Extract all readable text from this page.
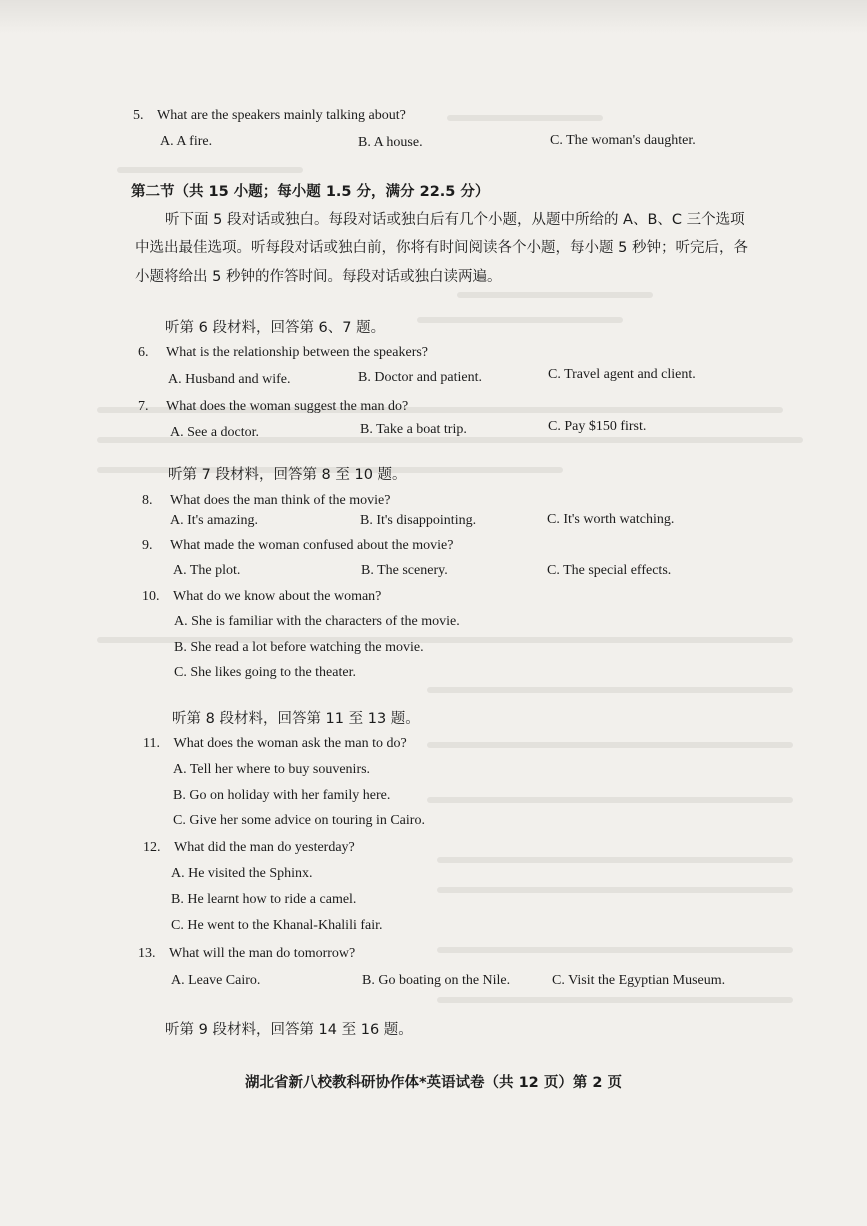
5. What are the speakers mainly talking about?
A. A fire.	B. A house.	C. The woman's daughter.
第二节（共 15 小题；每小题 1.5 分，满分 22.5 分）
听下面 5 段对话或独白。每段对话或独白后有几个小题，从题中所给的 A、B、C 三个选项
中选出最佳选项。听每段对话或独白前，你将有时间阅读各个小题，每小题 5 秒钟；听完后，各
小题将给出 5 秒钟的作答时间。每段对话或独白读两遍。
听第 6 段材料，回答第 6、7 题。
6. What is the relationship between the speakers?
A. Husband and wife.	B. Doctor and patient.	C. Travel agent and client.
7. What does the woman suggest the man do?
A. See a doctor.	B. Take a boat trip.	C. Pay $150 first.
听第 7 段材料，回答第 8 至 10 题。
8. What does the man think of the movie?
A. It's amazing.	B. It's disappointing.	C. It's worth watching.
9. What made the woman confused about the movie?
A. The plot.	B. The scenery.	C. The special effects.
10. What do we know about the woman?
A. She is familiar with the characters of the movie.
B. She read a lot before watching the movie.
C. She likes going to the theater.
听第 8 段材料，回答第 11 至 13 题。
11. What does the woman ask the man to do?
A. Tell her where to buy souvenirs.
B. Go on holiday with her family here.
C. Give her some advice on touring in Cairo.
12. What did the man do yesterday?
A. He visited the Sphinx.
B. He learnt how to ride a camel.
C. He went to the Khanal-Khalili fair.
13. What will the man do tomorrow?
A. Leave Cairo.	B. Go boating on the Nile.	C. Visit the Egyptian Museum.
听第 9 段材料，回答第 14 至 16 题。
湖北省新八校教科研协作体*英语试卷（共 12 页）第 2 页
